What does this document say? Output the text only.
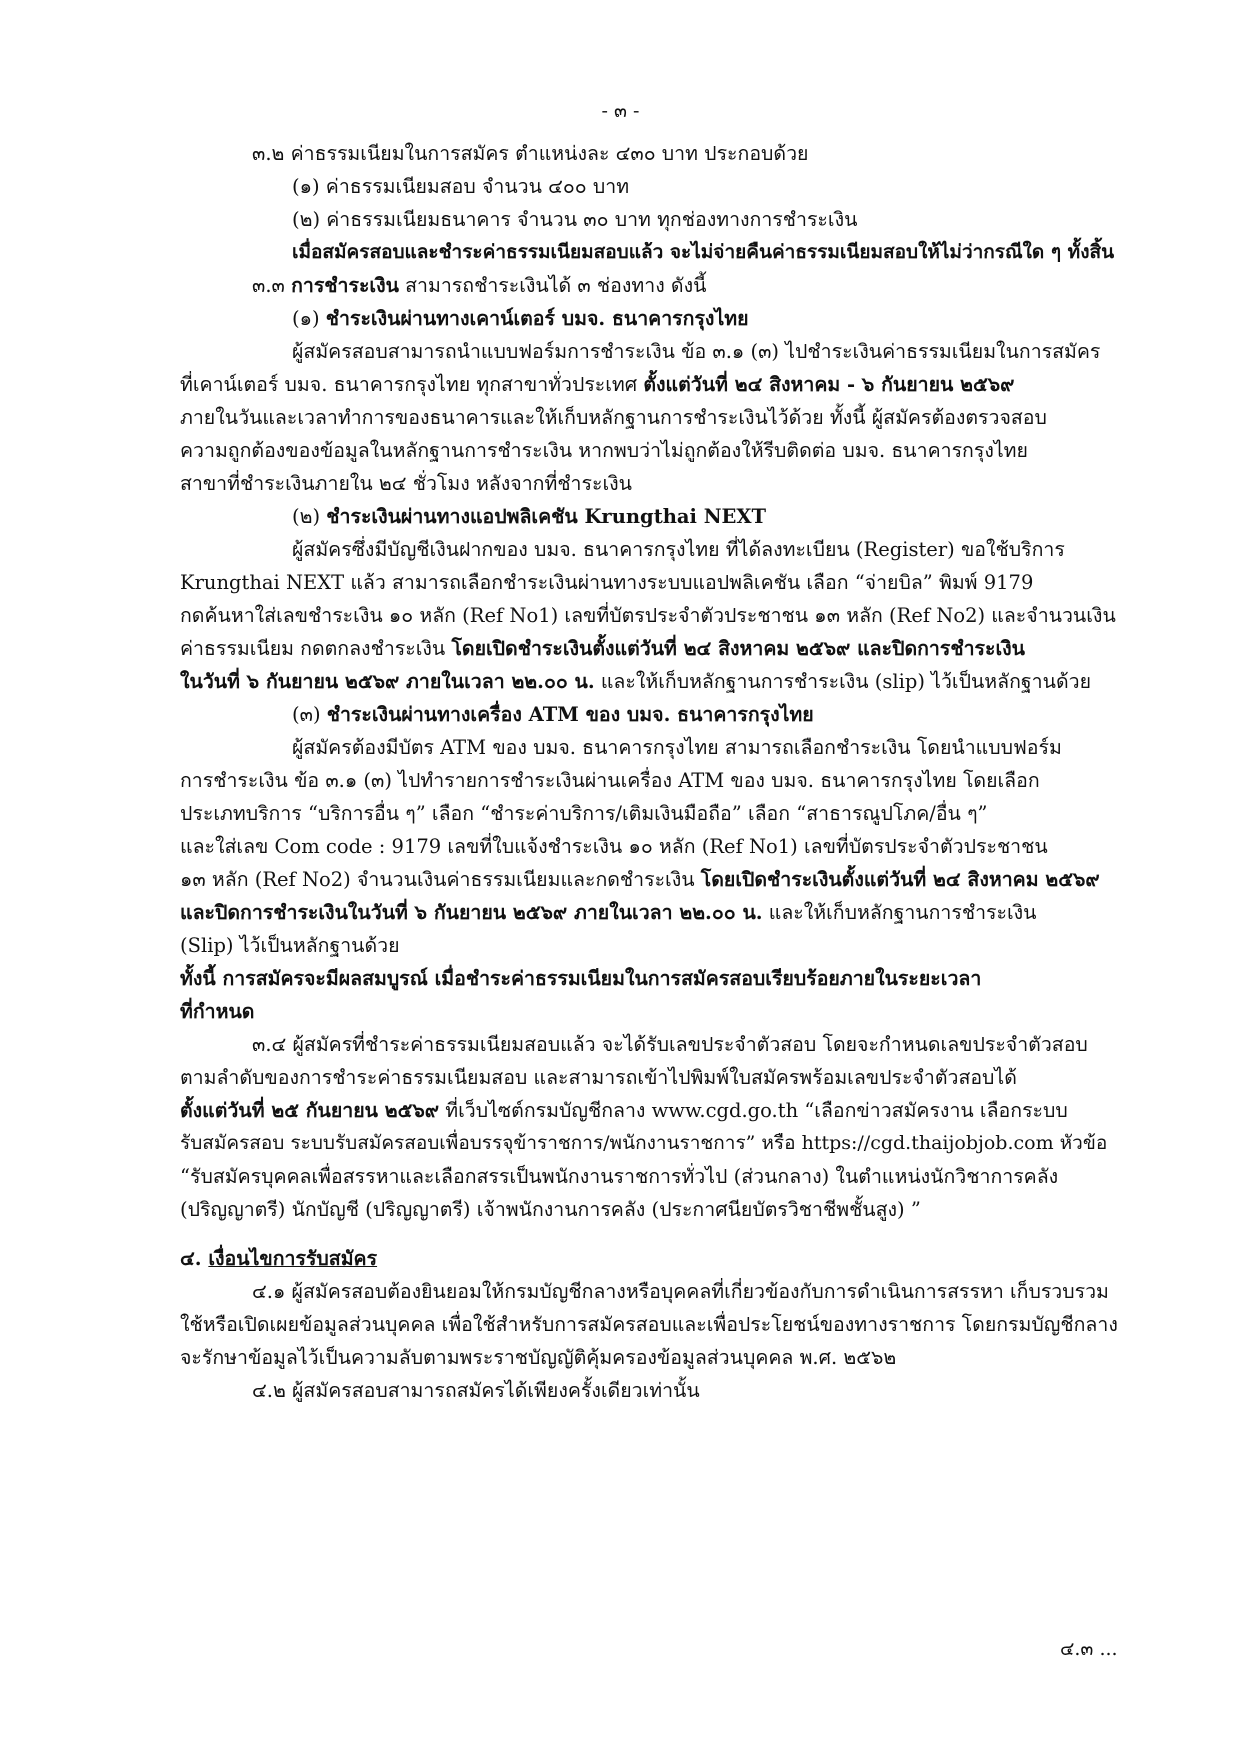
- ๓ -
๓.๒ ค่าธรรมเนียมในการสมัคร ตำแหน่งละ ๔๓๐ บาท ประกอบด้วย
(๑) ค่าธรรมเนียมสอบ จำนวน ๔๐๐ บาท
(๒) ค่าธรรมเนียมธนาคาร จำนวน ๓๐ บาท ทุกช่องทางการชำระเงิน
เมื่อสมัครสอบและชำระค่าธรรมเนียมสอบแล้ว จะไม่จ่ายคืนค่าธรรมเนียมสอบให้ไม่ว่ากรณีใด ๆ ทั้งสิ้น
๓.๓ การชำระเงิน สามารถชำระเงินได้ ๓ ช่องทาง ดังนี้
(๑) ชำระเงินผ่านทางเคาน์เตอร์ บมจ. ธนาคารกรุงไทย
ผู้สมัครสอบสามารถนำแบบฟอร์มการชำระเงิน ข้อ ๓.๑ (๓) ไปชำระเงินค่าธรรมเนียมในการสมัคร
ที่เคาน์เตอร์ บมจ. ธนาคารกรุงไทย ทุกสาขาทั่วประเทศ ตั้งแต่วันที่ ๒๔ สิงหาคม - ๖ กันยายน ๒๕๖๙
ภายในวันและเวลาทำการของธนาคารและให้เก็บหลักฐานการชำระเงินไว้ด้วย ทั้งนี้ ผู้สมัครต้องตรวจสอบ
ความถูกต้องของข้อมูลในหลักฐานการชำระเงิน หากพบว่าไม่ถูกต้องให้รีบติดต่อ บมจ. ธนาคารกรุงไทย
สาขาที่ชำระเงินภายใน ๒๔ ชั่วโมง หลังจากที่ชำระเงิน
(๒) ชำระเงินผ่านทางแอปพลิเคชัน Krungthai NEXT
ผู้สมัครซึ่งมีบัญชีเงินฝากของ บมจ. ธนาคารกรุงไทย ที่ได้ลงทะเบียน (Register) ขอใช้บริการ
Krungthai NEXT แล้ว สามารถเลือกชำระเงินผ่านทางระบบแอปพลิเคชัน เลือก “จ่ายบิล” พิมพ์ 9179
กดค้นหาใส่เลขชำระเงิน ๑๐ หลัก (Ref No1) เลขที่บัตรประจำตัวประชาชน ๑๓ หลัก (Ref No2) และจำนวนเงิน
ค่าธรรมเนียม กดตกลงชำระเงิน โดยเปิดชำระเงินตั้งแต่วันที่ ๒๔ สิงหาคม ๒๕๖๙ และปิดการชำระเงิน
ในวันที่ ๖ กันยายน ๒๕๖๙ ภายในเวลา ๒๒.๐๐ น. และให้เก็บหลักฐานการชำระเงิน (slip) ไว้เป็นหลักฐานด้วย
(๓) ชำระเงินผ่านทางเครื่อง ATM ของ บมจ. ธนาคารกรุงไทย
ผู้สมัครต้องมีบัตร ATM ของ บมจ. ธนาคารกรุงไทย สามารถเลือกชำระเงิน โดยนำแบบฟอร์ม
การชำระเงิน ข้อ ๓.๑ (๓) ไปทำรายการชำระเงินผ่านเครื่อง ATM ของ บมจ. ธนาคารกรุงไทย โดยเลือก
ประเภทบริการ “บริการอื่น ๆ” เลือก “ชำระค่าบริการ/เติมเงินมือถือ” เลือก “สาธารณูปโภค/อื่น ๆ”
และใส่เลข Com code : 9179 เลขที่ใบแจ้งชำระเงิน ๑๐ หลัก (Ref No1) เลขที่บัตรประจำตัวประชาชน
๑๓ หลัก (Ref No2) จำนวนเงินค่าธรรมเนียมและกดชำระเงิน โดยเปิดชำระเงินตั้งแต่วันที่ ๒๔ สิงหาคม ๒๕๖๙
และปิดการชำระเงินในวันที่ ๖ กันยายน ๒๕๖๙ ภายในเวลา ๒๒.๐๐ น. และให้เก็บหลักฐานการชำระเงิน
(Slip) ไว้เป็นหลักฐานด้วย
ทั้งนี้ การสมัครจะมีผลสมบูรณ์ เมื่อชำระค่าธรรมเนียมในการสมัครสอบเรียบร้อยภายในระยะเวลา
ที่กำหนด
๓.๔ ผู้สมัครที่ชำระค่าธรรมเนียมสอบแล้ว จะได้รับเลขประจำตัวสอบ โดยจะกำหนดเลขประจำตัวสอบ
ตามลำดับของการชำระค่าธรรมเนียมสอบ และสามารถเข้าไปพิมพ์ใบสมัครพร้อมเลขประจำตัวสอบได้
ตั้งแต่วันที่ ๒๕ กันยายน ๒๕๖๙ ที่เว็บไซต์กรมบัญชีกลาง www.cgd.go.th “เลือกข่าวสมัครงาน เลือกระบบ
รับสมัครสอบ ระบบรับสมัครสอบเพื่อบรรจุข้าราชการ/พนักงานราชการ” หรือ https://cgd.thaijobjob.com หัวข้อ
“รับสมัครบุคคลเพื่อสรรหาและเลือกสรรเป็นพนักงานราชการทั่วไป (ส่วนกลาง) ในตำแหน่งนักวิชาการคลัง
(ปริญญาตรี) นักบัญชี (ปริญญาตรี) เจ้าพนักงานการคลัง (ประกาศนียบัตรวิชาชีพชั้นสูง) ”
๔. เงื่อนไขการรับสมัคร
๔.๑ ผู้สมัครสอบต้องยินยอมให้กรมบัญชีกลางหรือบุคคลที่เกี่ยวข้องกับการดำเนินการสรรหา เก็บรวบรวม
ใช้หรือเปิดเผยข้อมูลส่วนบุคคล เพื่อใช้สำหรับการสมัครสอบและเพื่อประโยชน์ของทางราชการ โดยกรมบัญชีกลาง
จะรักษาข้อมูลไว้เป็นความลับตามพระราชบัญญัติคุ้มครองข้อมูลส่วนบุคคล พ.ศ. ๒๕๖๒
๔.๒ ผู้สมัครสอบสามารถสมัครได้เพียงครั้งเดียวเท่านั้น
๔.๓ ...
